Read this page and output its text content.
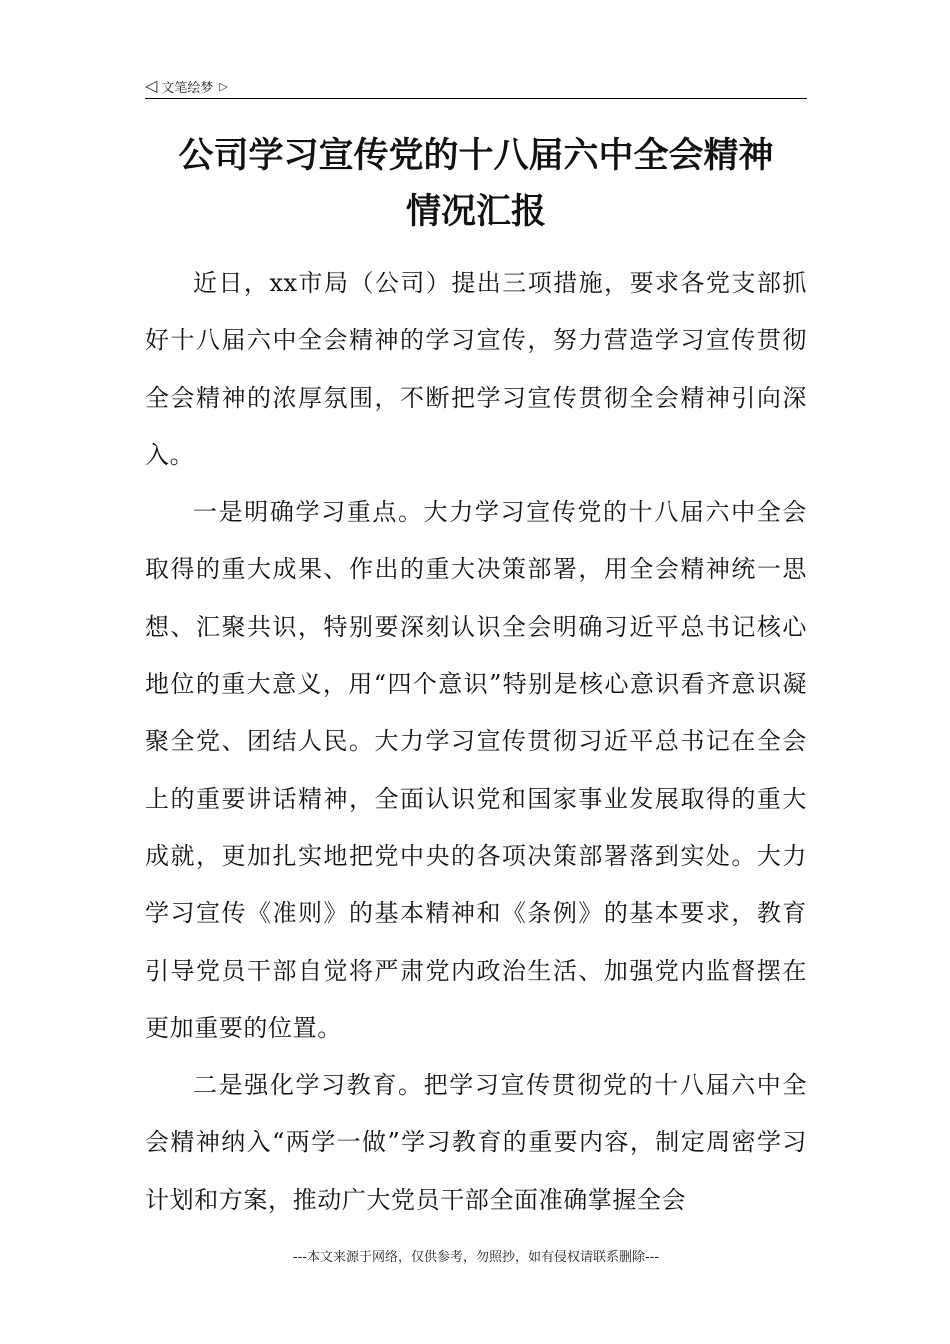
◁ 文笔绘梦 ▷
公司学习宣传党的十八届六中全会精神
情况汇报

近日，xx市局（公司）提出三项措施，要求各党支部抓好十八届六中全会精神的学习宣传，努力营造学习宣传贯彻全会精神的浓厚氛围，不断把学习宣传贯彻全会精神引向深入。

一是明确学习重点。大力学习宣传党的十八届六中全会取得的重大成果、作出的重大决策部署，用全会精神统一思想、汇聚共识，特别要深刻认识全会明确习近平总书记核心地位的重大意义，用“四个意识”特别是核心意识看齐意识凝聚全党、团结人民。大力学习宣传贯彻习近平总书记在全会上的重要讲话精神，全面认识党和国家事业发展取得的重大成就，更加扎实地把党中央的各项决策部署落到实处。大力学习宣传《准则》的基本精神和《条例》的基本要求，教育引导党员干部自觉将严肃党内政治生活、加强党内监督摆在更加重要的位置。

二是强化学习教育。把学习宣传贯彻党的十八届六中全会精神纳入“两学一做”学习教育的重要内容，制定周密学习计划和方案，推动广大党员干部全面准确掌握全会

---本文来源于网络，仅供参考，勿照抄，如有侵权请联系删除---
